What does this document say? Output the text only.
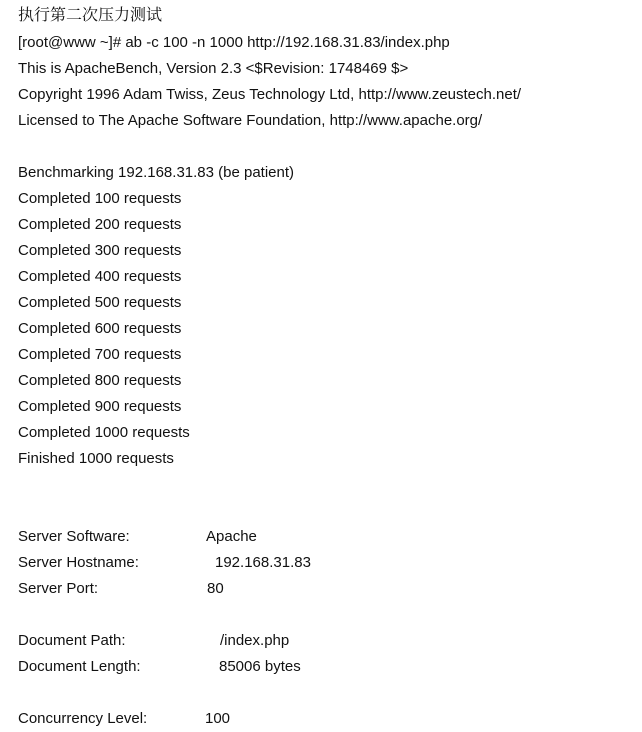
执行第二次压力测试
[root@www ~]# ab -c 100 -n 1000 http://192.168.31.83/index.php
This is ApacheBench, Version 2.3 <$Revision: 1748469 $>
Copyright 1996 Adam Twiss, Zeus Technology Ltd, http://www.zeustech.net/
Licensed to The Apache Software Foundation, http://www.apache.org/
Benchmarking 192.168.31.83 (be patient)
Completed 100 requests
Completed 200 requests
Completed 300 requests
Completed 400 requests
Completed 500 requests
Completed 600 requests
Completed 700 requests
Completed 800 requests
Completed 900 requests
Completed 1000 requests
Finished 1000 requests
Server Software:	Apache
Server Hostname:	192.168.31.83
Server Port:	80
Document Path:	/index.php
Document Length:	85006 bytes
Concurrency Level:	100
